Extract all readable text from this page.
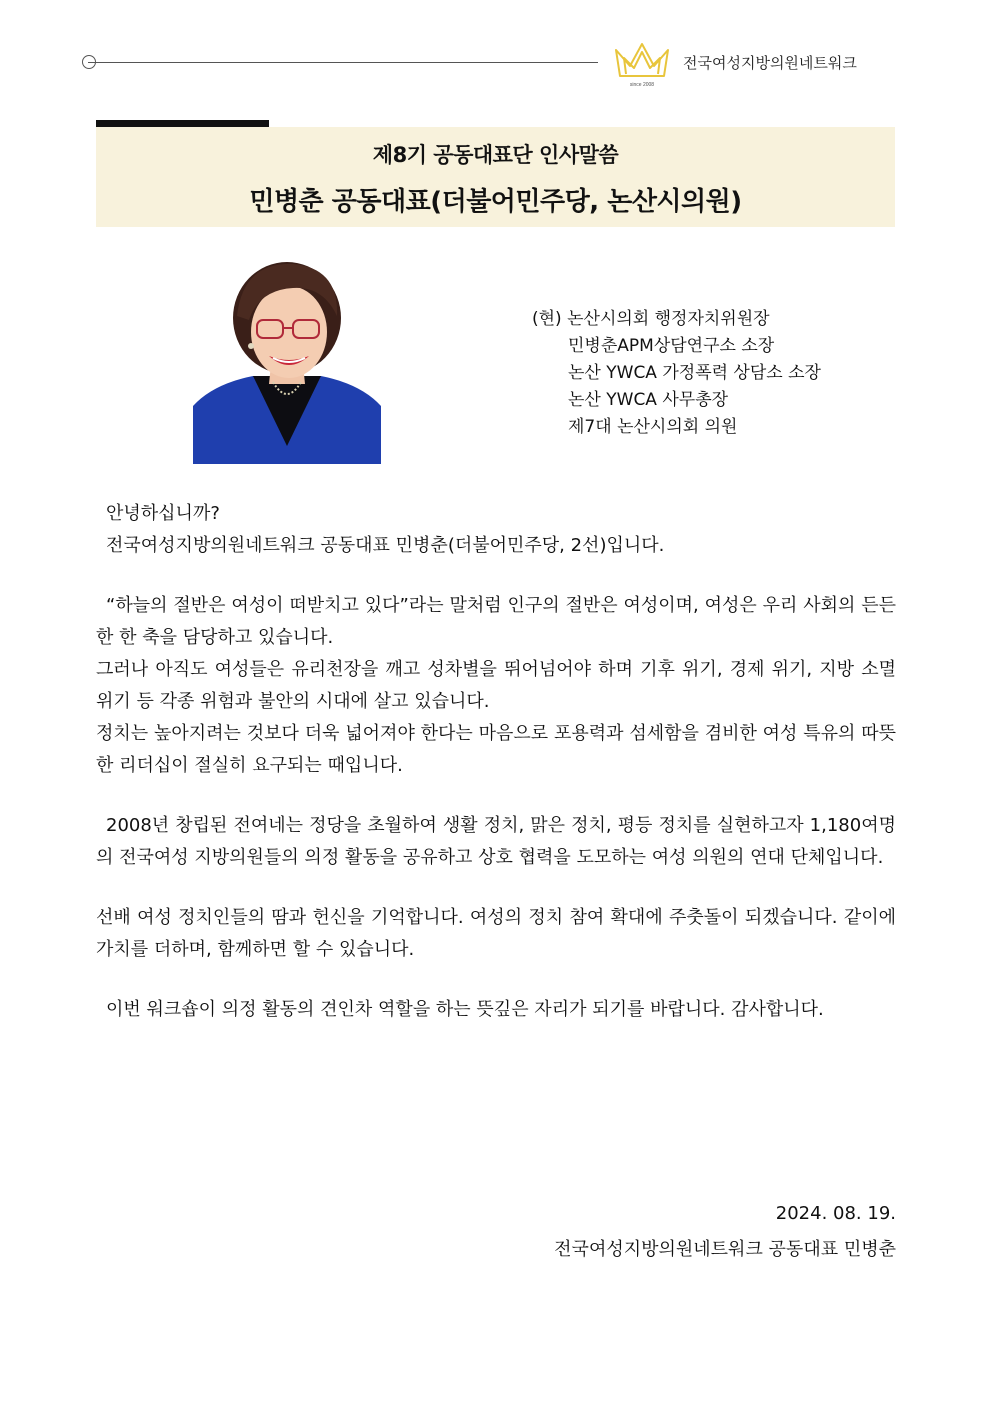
since 2008
전국여성지방의원네트워크
제8기 공동대표단 인사말씀
민병춘 공동대표(더불어민주당, 논산시의원)
(현) 논산시의회 행정자치위원장
민병춘APM상담연구소 소장
논산 YWCA 가정폭력 상담소 소장
논산 YWCA 사무총장
제7대 논산시의회 의원

안녕하십니까?

전국여성지방의원네트워크 공동대표 민병춘(더불어민주당, 2선)입니다.

“하늘의 절반은 여성이 떠받치고 있다”라는 말처럼 인구의 절반은 여성이며, 여성은 우리 사회의 든든한 한 축을 담당하고 있습니다.

그러나 아직도 여성들은 유리천장을 깨고 성차별을 뛰어넘어야 하며 기후 위기, 경제 위기, 지방 소멸 위기 등 각종 위험과 불안의 시대에 살고 있습니다.

정치는 높아지려는 것보다 더욱 넓어져야 한다는 마음으로 포용력과 섬세함을 겸비한 여성 특유의 따뜻한 리더십이 절실히 요구되는 때입니다.

2008년 창립된 전여네는 정당을 초월하여 생활 정치, 맑은 정치, 평등 정치를 실현하고자 1,180여명의 전국여성 지방의원들의 의정 활동을 공유하고 상호 협력을 도모하는 여성 의원의 연대 단체입니다.

선배 여성 정치인들의 땀과 헌신을 기억합니다. 여성의 정치 참여 확대에 주춧돌이 되겠습니다. 같이에 가치를 더하며, 함께하면 할 수 있습니다.

이번 워크숍이 의정 활동의 견인차 역할을 하는 뜻깊은 자리가 되기를 바랍니다. 감사합니다.

2024. 08. 19.
전국여성지방의원네트워크 공동대표 민병춘
